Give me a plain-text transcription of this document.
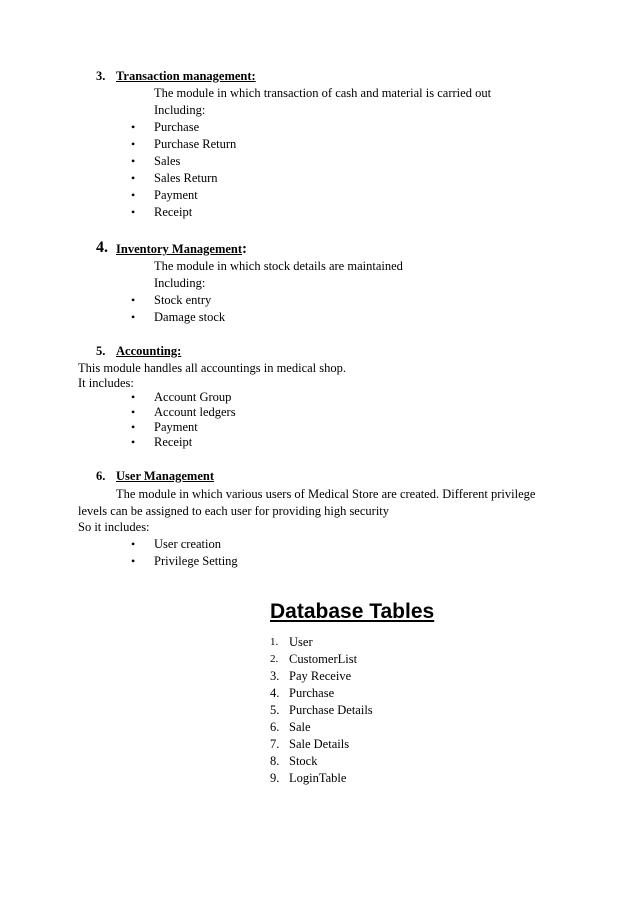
3. Transaction management:
The module in which transaction of cash and material is carried out
Including:
• Purchase
• Purchase Return
• Sales
• Sales Return
• Payment
• Receipt
4. Inventory Management:
The module in which stock details are maintained
Including:
• Stock entry
• Damage stock
5. Accounting:
This module handles all accountings in medical shop.
It includes:
• Account Group
• Account ledgers
• Payment
• Receipt
6. User Management
The module in which various users of Medical Store are created. Different privilege
levels can be assigned to each user for providing high security
So it includes:
• User creation
• Privilege Setting
Database Tables
1. User
2. CustomerList
3. Pay Receive
4. Purchase
5. Purchase Details
6. Sale
7. Sale Details
8. Stock
9. LoginTable
